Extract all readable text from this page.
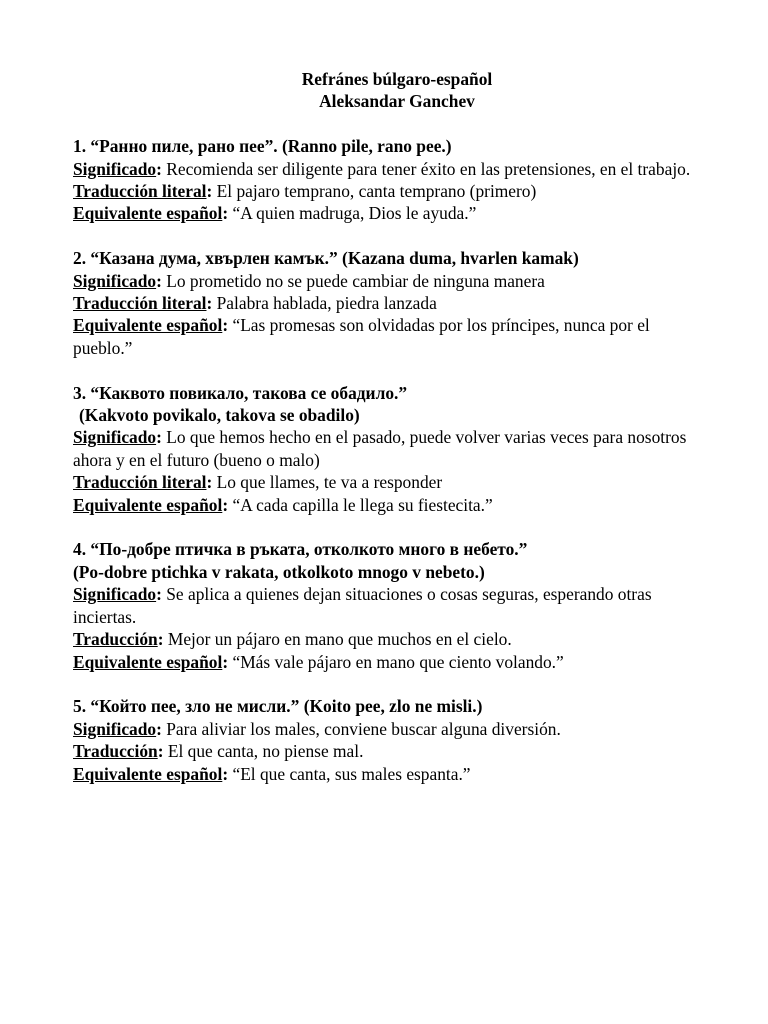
Refránes búlgaro-español
Aleksandar Ganchev
1. “Ранно пиле, рано пее”. (Ranno pile, rano pee.)
Significado: Recomienda ser diligente para tener éxito en las pretensiones, en el trabajo.
Traducción literal: El pajaro temprano, canta temprano (primero)
Equivalente español: “A quien madruga, Dios le ayuda.”
2. “Казана дума, хвърлен камък.” (Kazana duma, hvarlen kamak)
Significado: Lo prometido no se puede cambiar de ninguna manera
Traducción literal: Palabra hablada, piedra lanzada
Equivalente español: “Las promesas son olvidadas por los príncipes, nunca por el pueblo.”
3. “Каквото повикало, такова се обадило.”
(Kakvoto povikalo, takova se obadilo)
Significado: Lo que hemos hecho en el pasado, puede volver varias veces para nosotros ahora y en el futuro (bueno o malo)
Traducción literal: Lo que llames, te va a responder
Equivalente español: “A cada capilla le llega su fiestecita.”
4. “По-добре птичка в ръката, отколкото много в небето.”
(Po-dobre ptichka v rakata, otkolkoto mnogo v nebeto.)
Significado: Se aplica a quienes dejan situaciones o cosas seguras, esperando otras inciertas.
Traducción: Mejor un pájaro en mano que muchos en el cielo.
Equivalente español: “Más vale pájaro en mano que ciento volando.”
5. “Който пее, зло не мисли.” (Koito pee, zlo ne misli.)
Significado: Para aliviar los males, conviene buscar alguna diversión.
Traducción: El que canta, no piense mal.
Equivalente español: “El que canta, sus males espanta.”
